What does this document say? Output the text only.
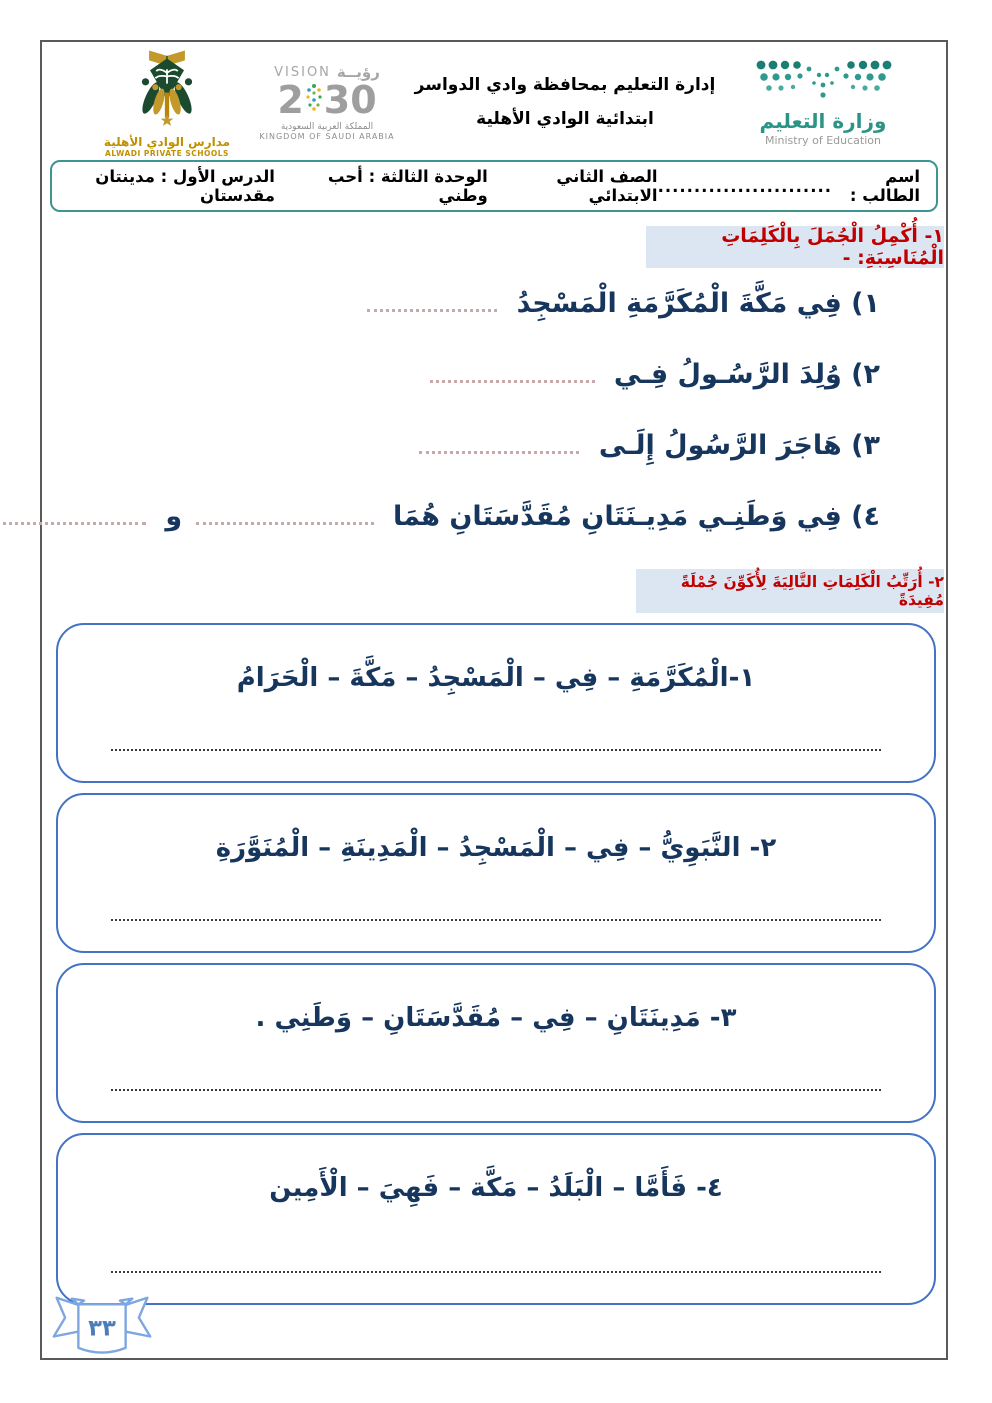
مدارس الوادي الأهلية
ALWADI PRIVATE SCHOOLS
VISION رؤيــة
2 30
المملكة العربية السعودية
KINGDOM OF SAUDI ARABIA
إدارة التعليم بمحافظة وادي الدواسر
ابتدائية الوادي الأهلية	وزارة التعليم
Ministry of Education
اسم الطالب :
........................
الصف الثاني الابتدائي
الوحدة الثالثة : أحب وطني
الدرس الأول : مدينتان مقدستان
١- أُكْمِلُ الْجُمَلَ بِالْكَلِمَاتِ الْمُنَاسِبَةِ: -
١) فِي مَكَّةَ الْمُكَرَّمَةِ الْمَسْجِدُ
٢) وُلِدَ الرَّسُـولُ فِـي
٣) هَاجَرَ الرَّسُولُ إِلَـى
٤) فِي وَطَنِـي مَدِيـنَتَانِ مُقَدَّسَتَانِ هُمَا  و
٢- أُرَتِّبُ الْكَلِمَاتِ التَّالِيَةَ لِأُكَوِّنَ جُمْلَةً مُفِيدَةً
١-الْمُكَرَّمَةِ – فِي – الْمَسْجِدُ – مَكَّةَ – الْحَرَامُ
٢- النَّبَوِيُّ – فِي – الْمَسْجِدُ – الْمَدِينَةِ – الْمُنَوَّرَةِ
٣- مَدِينَتَانِ – فِي – مُقَدَّسَتَانِ – وَطَنِي .
٤- فَأَمَّا – الْبَلَدُ – مَكَّة – فَهِيَ – الْأَمِين
٣٣
